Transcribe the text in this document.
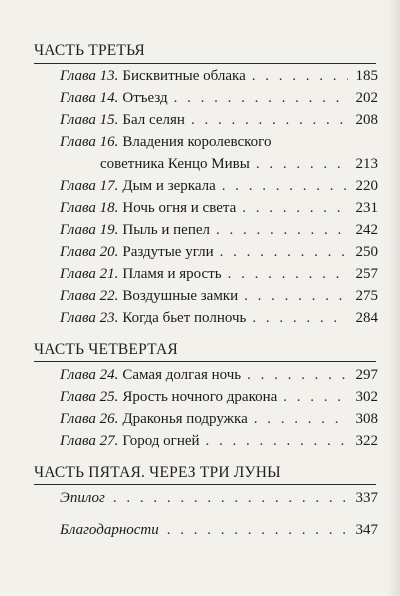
ЧАСТЬ ТРЕТЬЯ
Глава 13. Бисквитные облака . . .	185
Глава 14. Отъезд . . .	202
Глава 15. Бал селян . . .	208
Глава 16. Владения королевского
советника Кенцо Мивы . . .	213
Глава 17. Дым и зеркала . . .	220
Глава 18. Ночь огня и света . . .	231
Глава 19. Пыль и пепел . . .	242
Глава 20. Раздутые угли . . .	250
Глава 21. Пламя и ярость . . .	257
Глава 22. Воздушные замки . . .	275
Глава 23. Когда бьет полночь . . .	284
ЧАСТЬ ЧЕТВЕРТАЯ
Глава 24. Самая долгая ночь . . .	297
Глава 25. Ярость ночного дракона . . .	302
Глава 26. Драконья подружка . . .	308
Глава 27. Город огней . . .	322
ЧАСТЬ ПЯТАЯ. ЧЕРЕЗ ТРИ ЛУНЫ
Эпилог . . .	337
Благодарности . . .	347
